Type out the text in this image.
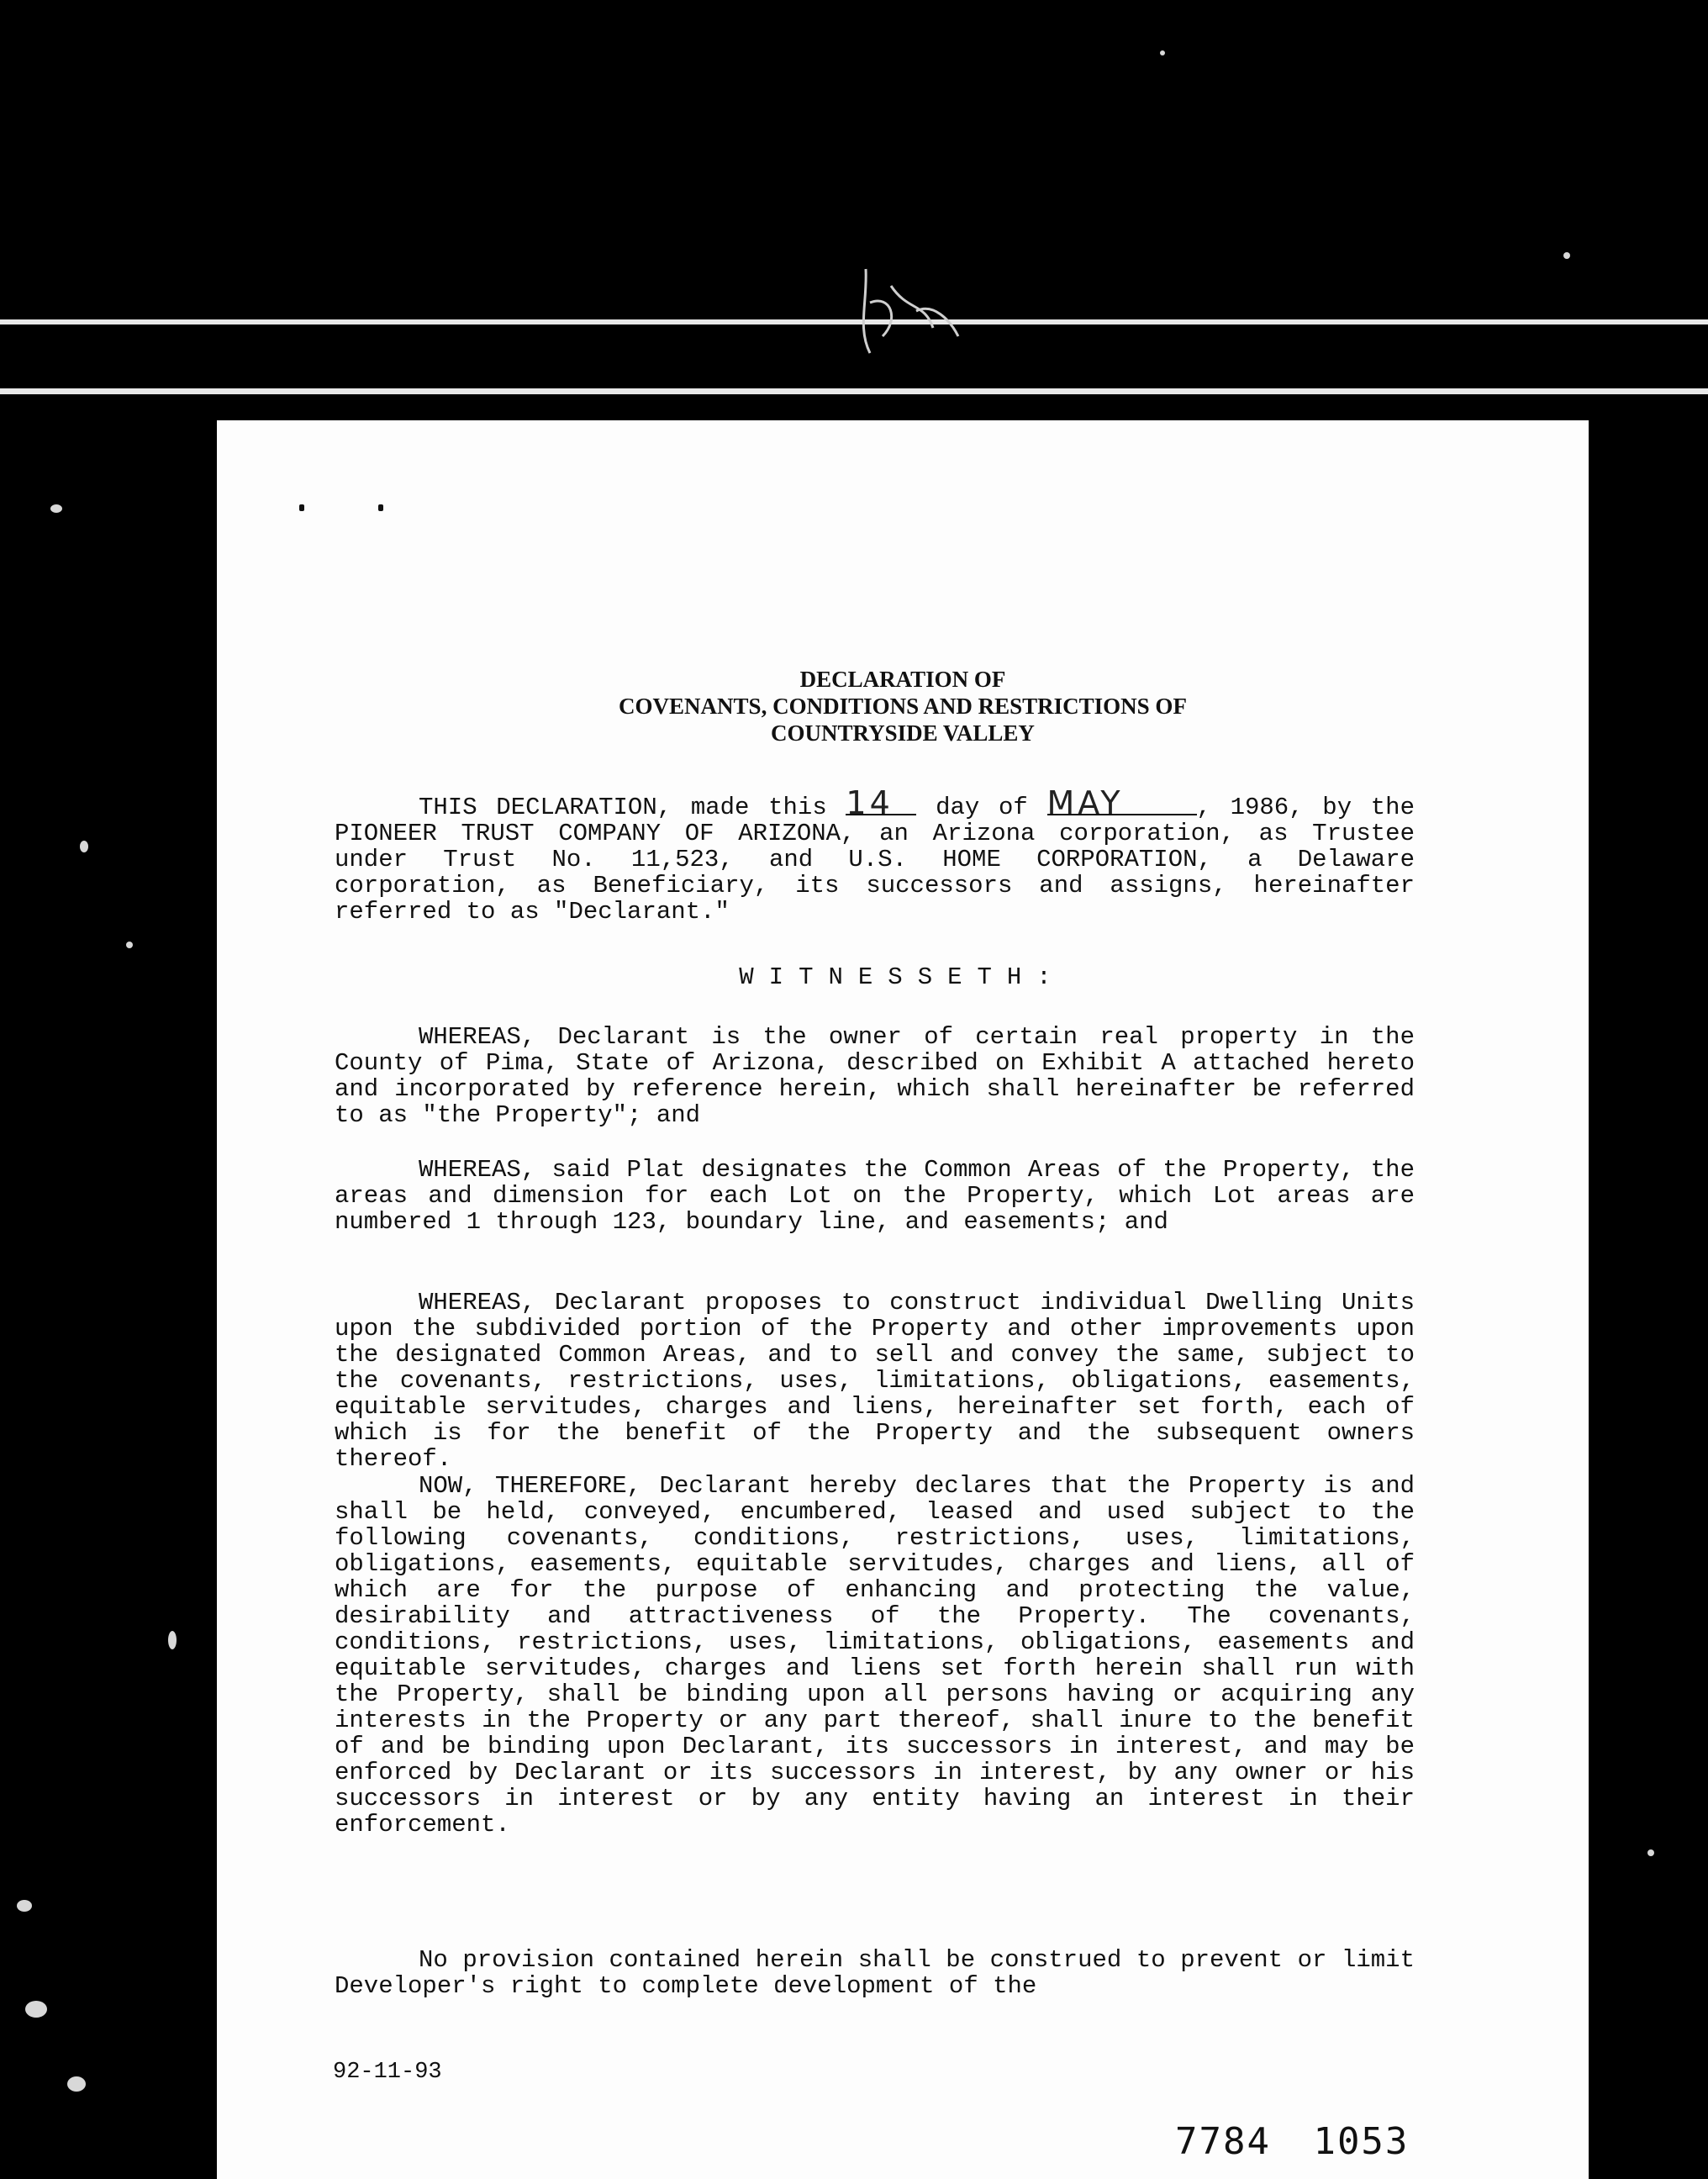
DECLARATION OF
COVENANTS, CONDITIONS AND RESTRICTIONS OF
COUNTRYSIDE VALLEY

THIS DECLARATION, made this 14 day of MAY	, 1986, by the PIONEER TRUST COMPANY OF ARIZONA, an Arizona corporation, as Trustee under Trust No. 11,523, and U.S. HOME CORPORATION, a Delaware corporation, as Beneficiary, its successors and assigns, hereinafter referred to as "Declarant."

WITNESSETH:

WHEREAS, Declarant is the owner of certain real property in the County of Pima, State of Arizona, described on Exhibit A attached hereto and incorporated by reference herein, which shall hereinafter be referred to as "the Property"; and

WHEREAS, said Plat designates the Common Areas of the Property, the areas and dimension for each Lot on the Property, which Lot areas are numbered 1 through 123, boundary line, and easements; and

WHEREAS, Declarant proposes to construct individual Dwelling Units upon the subdivided portion of the Property and other improvements upon the designated Common Areas, and to sell and convey the same, subject to the covenants, restrictions, uses, limitations, obligations, easements, equitable servitudes, charges and liens, hereinafter set forth, each of which is for the benefit of the Property and the subsequent owners thereof.

NOW, THEREFORE, Declarant hereby declares that the Property is and shall be held, conveyed, encumbered, leased and used subject to the following covenants, conditions, restrictions, uses, limitations, obligations, easements, equitable servitudes, charges and liens, all of which are for the purpose of enhancing and protecting the value, desirability and attractiveness of the Property. The covenants, conditions, restrictions, uses, limitations, obligations, easements and equitable servitudes, charges and liens set forth herein shall run with the Property, shall be binding upon all persons having or acquiring any interests in the Property or any part thereof, shall inure to the benefit of and be binding upon Declarant, its successors in interest, and may be enforced by Declarant or its successors in interest, by any owner or his successors in interest or by any entity having an interest in their enforcement.

No provision contained herein shall be construed to prevent or limit Developer's right to complete development of the

92-11-93
7784 1053
